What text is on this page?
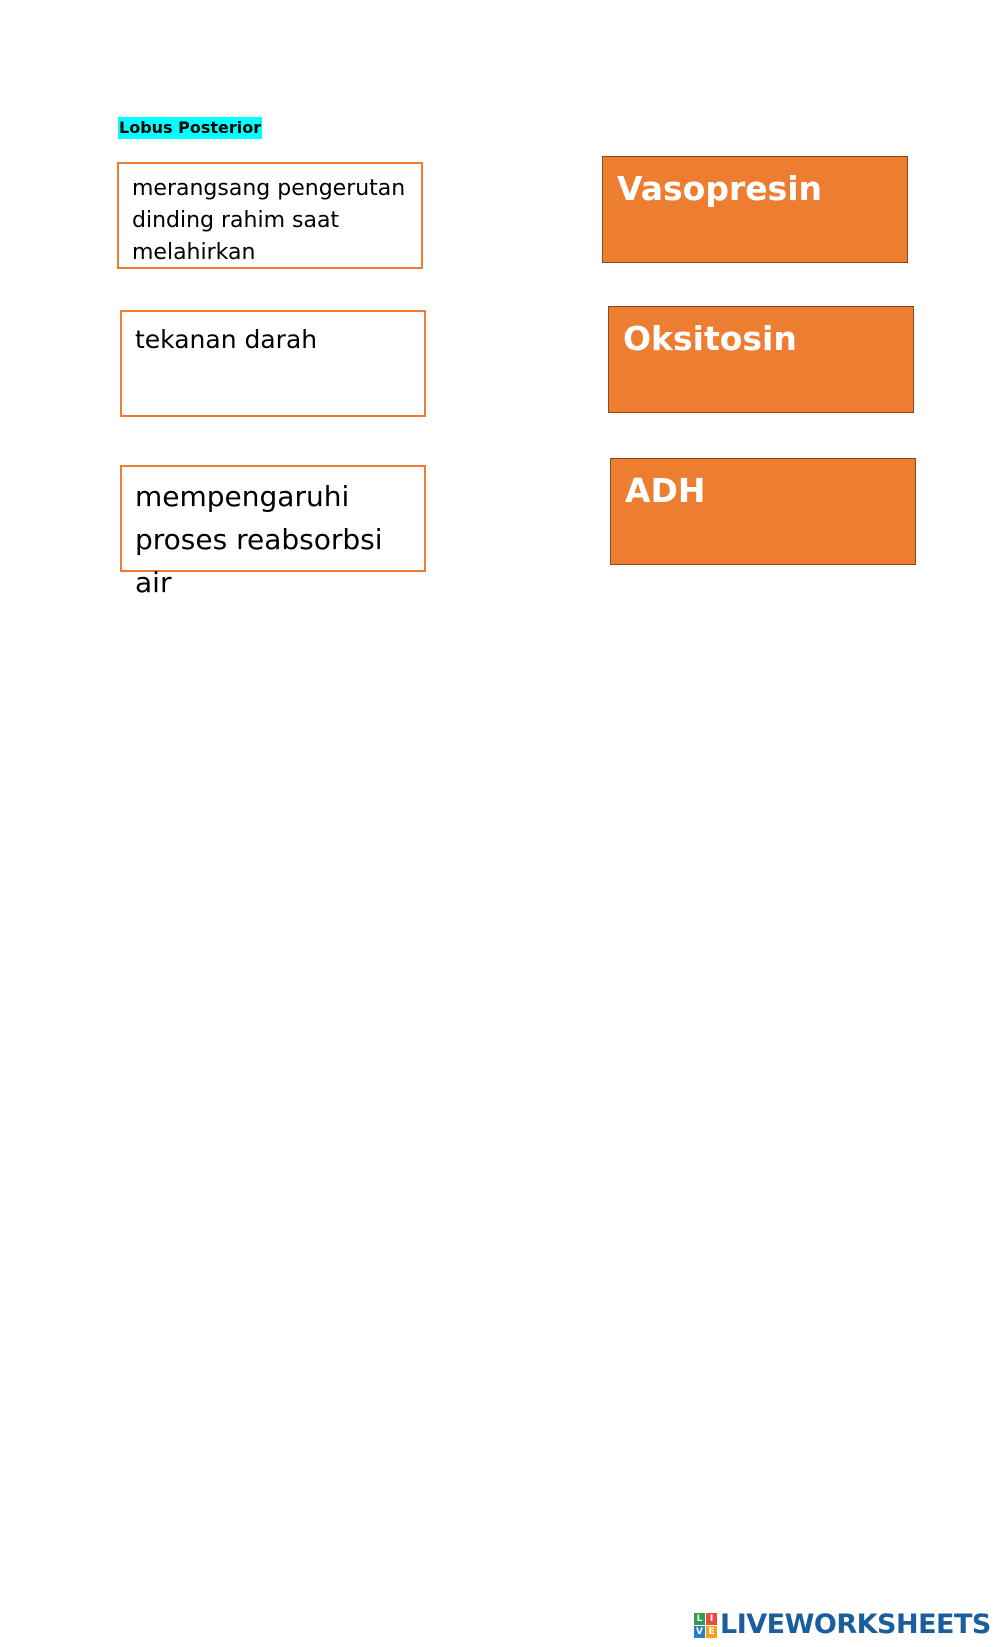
Lobus Posterior
merangsang pengerutan
dinding rahim saat
melahirkan
tekanan darah
mempengaruhi
proses reabsorbsi air
Vasopresin
Oksitosin
ADH
L I
V E LIVEWORKSHEETS
